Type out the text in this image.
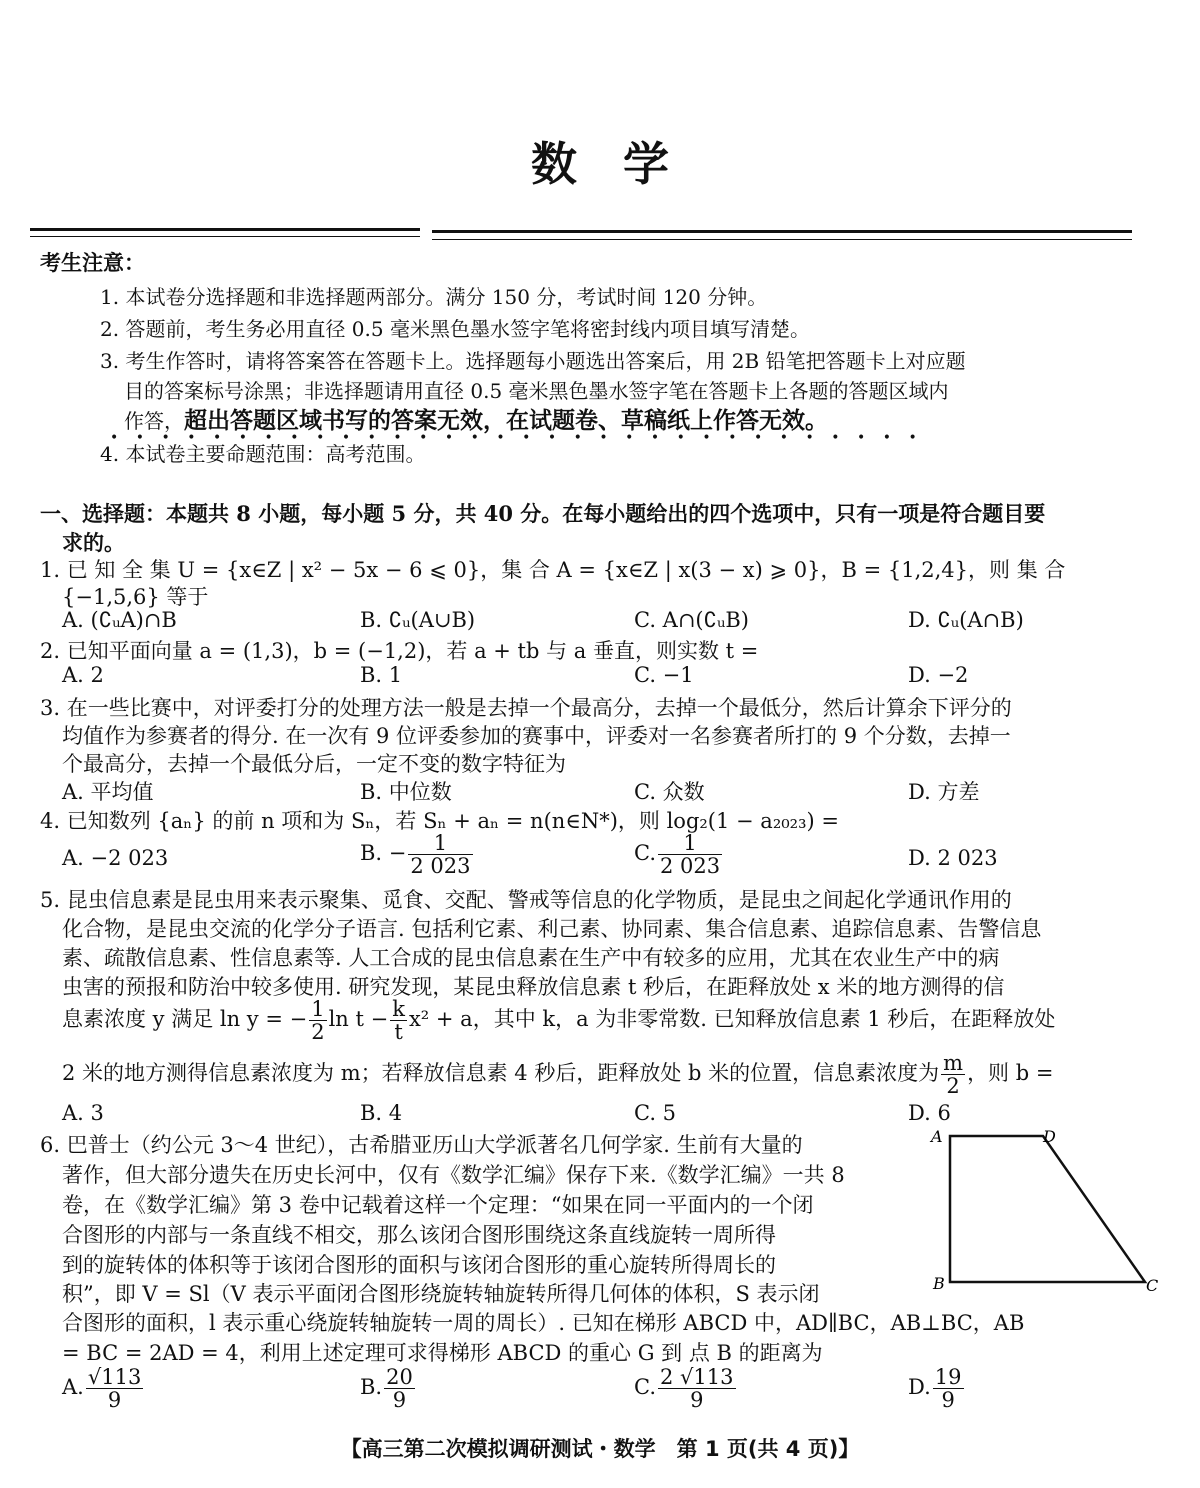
数　学
考生注意：
1. 本试卷分选择题和非选择题两部分。满分 150 分，考试时间 120 分钟。
2. 答题前，考生务必用直径 0.5 毫米黑色墨水签字笔将密封线内项目填写清楚。
3. 考生作答时，请将答案答在答题卡上。选择题每小题选出答案后，用 2B 铅笔把答题卡上对应题
目的答案标号涂黑；非选择题请用直径 0.5 毫米黑色墨水签字笔在答题卡上各题的答题区域内
作答，超出答题区域书写的答案无效，在试题卷、草稿纸上作答无效。
••••••••••••••••••••••••••••••••
4. 本试卷主要命题范围：高考范围。
一、选择题：本题共 8 小题，每小题 5 分，共 40 分。在每小题给出的四个选项中，只有一项是符合题目要
求的。
1. 已 知 全 集 U = {x∈Z | x² − 5x − 6 ⩽ 0}，集 合 A = {x∈Z | x(3 − x) ⩾ 0}，B = {1,2,4}，则 集 合
{−1,5,6} 等于
A. (∁ᵤA)∩B	B. ∁ᵤ(A∪B)	C. A∩(∁ᵤB)	D. ∁ᵤ(A∩B)
2. 已知平面向量 a = (1,3)，b = (−1,2)，若 a + tb 与 a 垂直，则实数 t =
A. 2	B. 1	C. −1	D. −2
3. 在一些比赛中，对评委打分的处理方法一般是去掉一个最高分，去掉一个最低分，然后计算余下评分的
均值作为参赛者的得分. 在一次有 9 位评委参加的赛事中，评委对一名参赛者所打的 9 个分数，去掉一
个最高分，去掉一个最低分后，一定不变的数字特征为
A. 平均值	B. 中位数	C. 众数	D. 方差
4. 已知数列 {aₙ} 的前 n 项和为 Sₙ，若 Sₙ + aₙ = n(n∈N*)，则 log₂(1 − a₂₀₂₃) =
A. −2 023	B. − $\frac{1}{2 023}$	C. $\frac{1}{2 023}$	D. 2 023
5. 昆虫信息素是昆虫用来表示聚集、觅食、交配、警戒等信息的化学物质，是昆虫之间起化学通讯作用的
化合物，是昆虫交流的化学分子语言. 包括利它素、利己素、协同素、集合信息素、追踪信息素、告警信息
素、疏散信息素、性信息素等. 人工合成的昆虫信息素在生产中有较多的应用，尤其在农业生产中的病
虫害的预报和防治中较多使用. 研究发现，某昆虫释放信息素 t 秒后，在距释放处 x 米的地方测得的信
息素浓度 y 满足 ln y = − $\frac{1}{2}$ $\ln t - \frac{k}{t} x^2 + a$，其中 k，a 为非零常数. 已知释放信息素 1 秒后，在距释放处
2 米的地方测得信息素浓度为 m；若释放信息素 4 秒后，距释放处 b 米的位置，信息素浓度为 $\frac{m}{2}$ ，则 b =
A. 3	B. 4	C. 5	D. 6
6. 巴普士（约公元 3～4 世纪），古希腊亚历山大学派著名几何学家. 生前有大量的
著作，但大部分遗失在历史长河中，仅有《数学汇编》保存下来.《数学汇编》一共 8
卷，在《数学汇编》第 3 卷中记载着这样一个定理：“如果在同一平面内的一个闭
合图形的内部与一条直线不相交，那么该闭合图形围绕这条直线旋转一周所得
到的旋转体的体积等于该闭合图形的面积与该闭合图形的重心旋转所得周长的
积”，即 V = Sl（V 表示平面闭合图形绕旋转轴旋转所得几何体的体积，S 表示闭
合图形的面积，l 表示重心绕旋转轴旋转一周的周长）. 已知在梯形 ABCD 中，AD∥BC，AB⊥BC，AB
= BC = 2AD = 4，利用上述定理可求得梯形 ABCD 的重心 G 到 点 B 的距离为
A	D
B	C
A. $\frac{√113}{9}$	B. $\frac{20}{9}$	C. $\frac{2 √113}{9}$	D. $\frac{19}{9}$
【高三第二次模拟调研测试・数学　第 1 页(共 4 页)】
